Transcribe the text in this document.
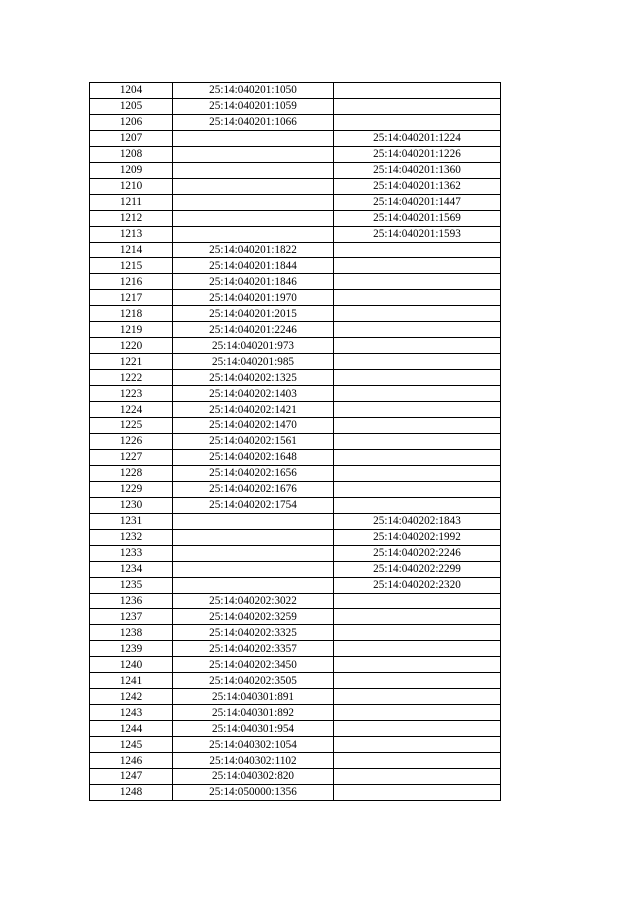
1204	25:14:040201:1050	
1205	25:14:040201:1059	
1206	25:14:040201:1066	
1207		25:14:040201:1224
1208		25:14:040201:1226
1209		25:14:040201:1360
1210		25:14:040201:1362
1211		25:14:040201:1447
1212		25:14:040201:1569
1213		25:14:040201:1593
1214	25:14:040201:1822	
1215	25:14:040201:1844	
1216	25:14:040201:1846	
1217	25:14:040201:1970	
1218	25:14:040201:2015	
1219	25:14:040201:2246	
1220	25:14:040201:973	
1221	25:14:040201:985	
1222	25:14:040202:1325	
1223	25:14:040202:1403	
1224	25:14:040202:1421	
1225	25:14:040202:1470	
1226	25:14:040202:1561	
1227	25:14:040202:1648	
1228	25:14:040202:1656	
1229	25:14:040202:1676	
1230	25:14:040202:1754	
1231		25:14:040202:1843
1232		25:14:040202:1992
1233		25:14:040202:2246
1234		25:14:040202:2299
1235		25:14:040202:2320
1236	25:14:040202:3022	
1237	25:14:040202:3259	
1238	25:14:040202:3325	
1239	25:14:040202:3357	
1240	25:14:040202:3450	
1241	25:14:040202:3505	
1242	25:14:040301:891	
1243	25:14:040301:892	
1244	25:14:040301:954	
1245	25:14:040302:1054	
1246	25:14:040302:1102	
1247	25:14:040302:820	
1248	25:14:050000:1356	
